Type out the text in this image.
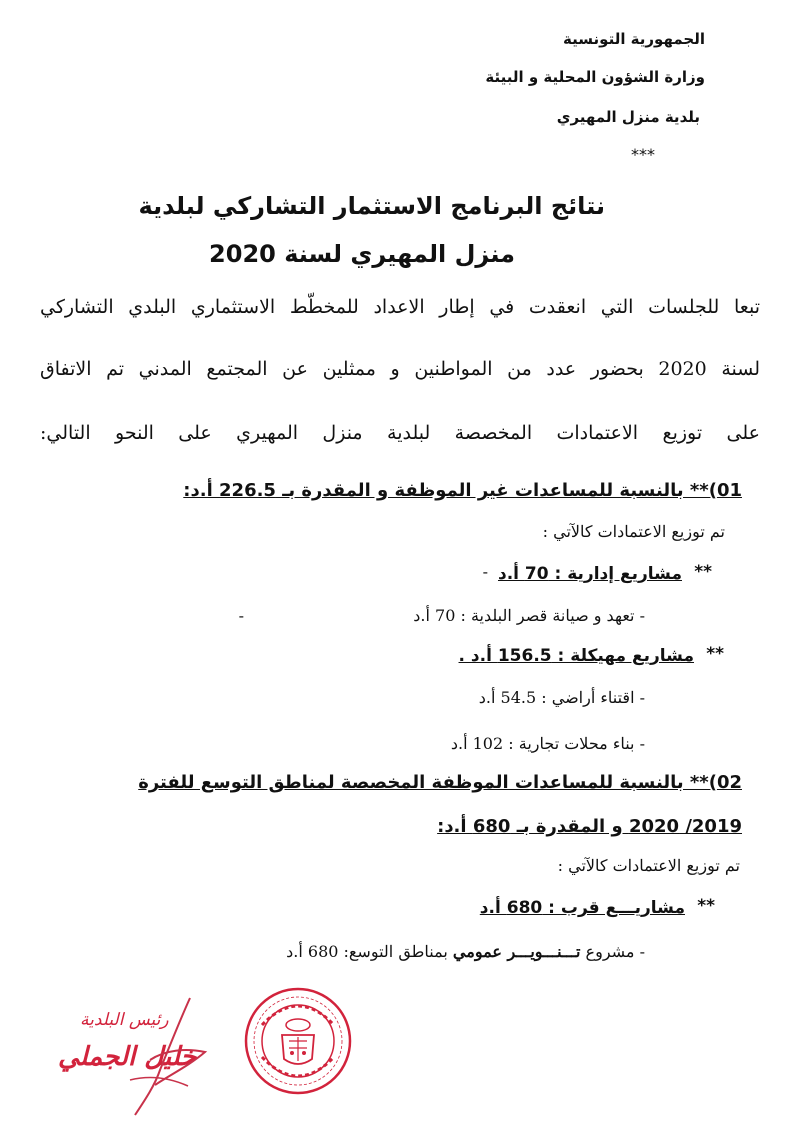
الجمهورية التونسية
وزارة الشؤون المحلية و البيئة
بلدية منزل المهيري
***
نتائج البرنامج الاستثمار التشاركي لبلدية
منزل المهيري لسنة 2020
تبعا للجلسات التي انعقدت في إطار الاعداد للمخطّط الاستثماري البلدي التشاركي
لسنة 2020 بحضور عدد من المواطنين و ممثلين عن المجتمع المدني تم الاتفاق
على توزيع الاعتمادات المخصصة لبلدية منزل المهيري على النحو التالي:
01)** بالنسبة للمساعدات غير الموظفة و المقدرة بـ 226.5 أ.د:
تم توزيع الاعتمادات كالآتي :
**
مشاريع إدارية : 70 أ.د
-
- تعهد و صيانة قصر البلدية : 70 أ.د
-
**
مشاريع مهيكلة : 156.5 أ.د .
- اقتناء أراضي : 54.5 أ.د
- بناء محلات تجارية : 102 أ.د
02)** بالنسبة للمساعدات الموظفة المخصصة لمناطق التوسع للفترة
2019/ 2020 و المقدرة بـ 680 أ.د:
تم توزيع الاعتمادات كالآتي :
**
مشاريـــع قرب : 680 أ.د
- مشروع تـــنـــويـــر عمومي بمناطق التوسع: 680 أ.د
رئيس البلدية
خليل الجملي
